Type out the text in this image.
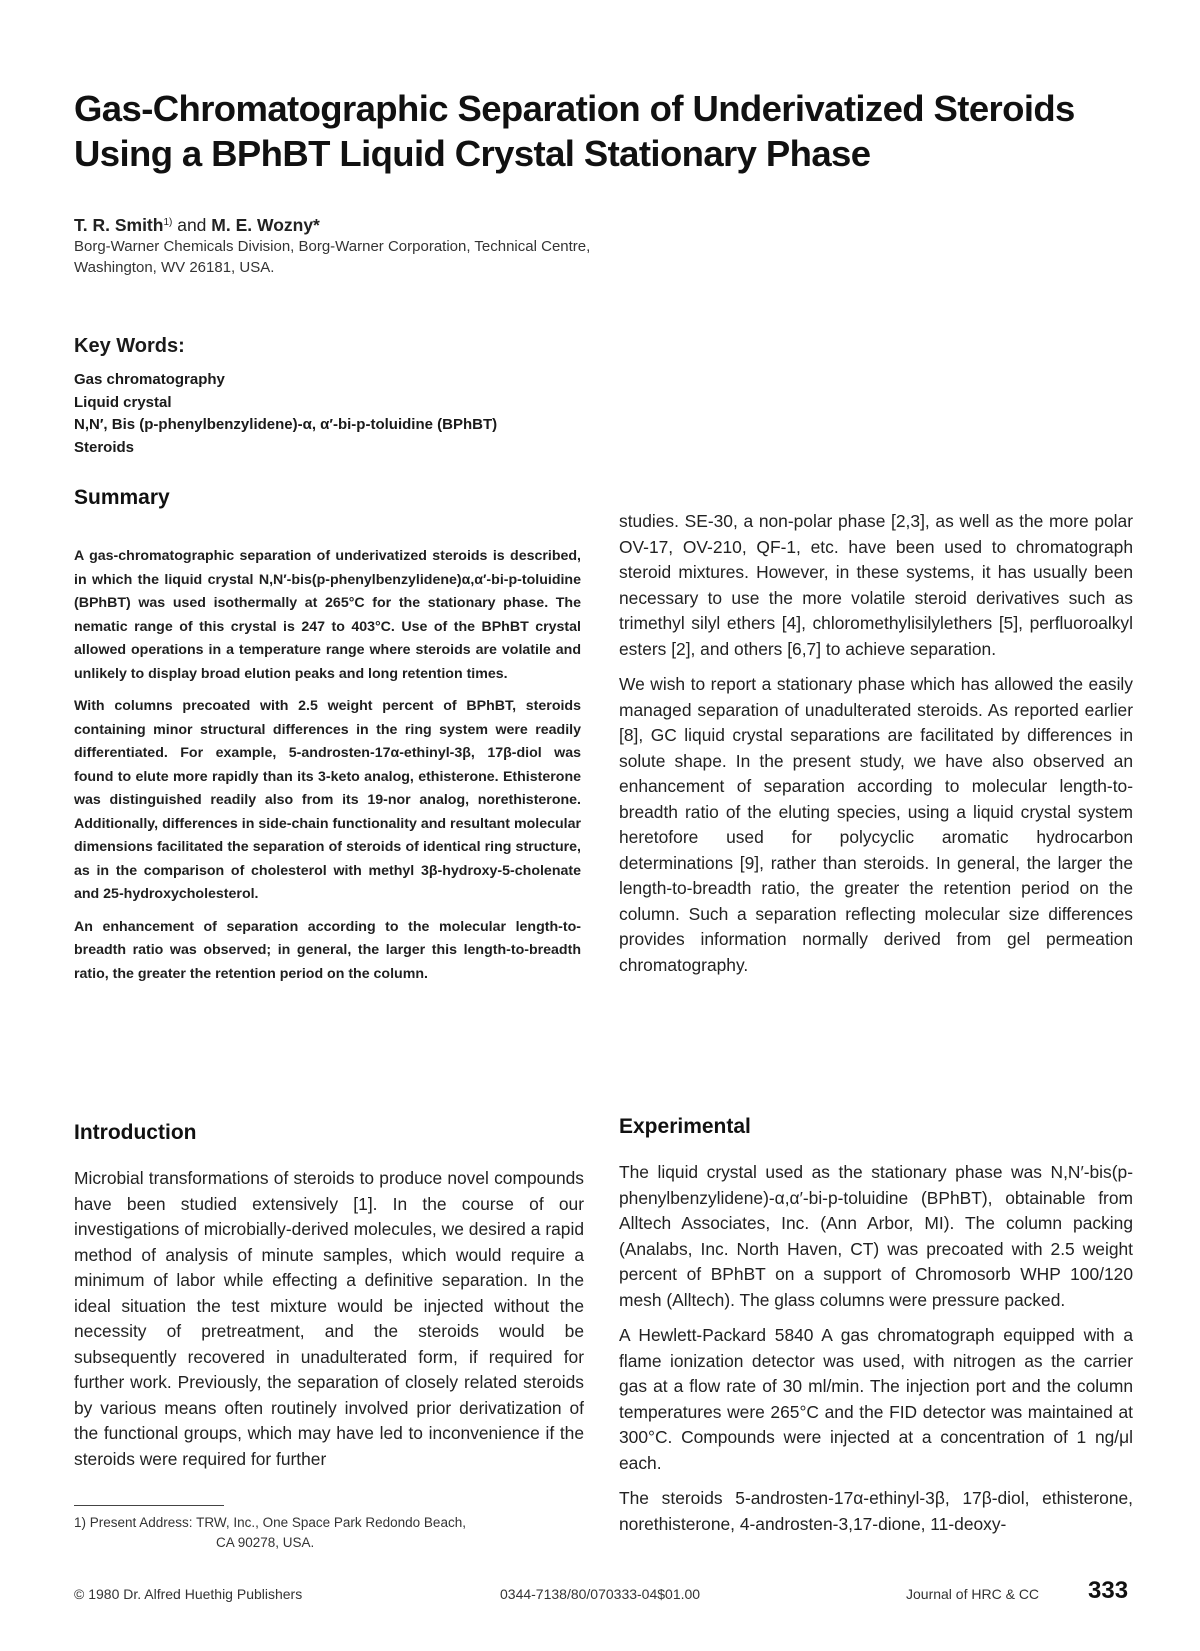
Gas-Chromatographic Separation of Underivatized Steroids
Using a BPhBT Liquid Crystal Stationary Phase
T. R. Smith$^{1)}$ and M. E. Wozny*
Borg-Warner Chemicals Division, Borg-Warner Corporation, Technical Centre,
Washington, WV 26181, USA.
Key Words:
Gas chromatography
Liquid crystal
N,N′, Bis (p-phenylbenzylidene)-α, α′-bi-p-toluidine (BPhBT)
Steroids
Summary

A gas-chromatographic separation of underivatized steroids is described, in which the liquid crystal N,N′-bis(p-phenylbenzylidene)α,α′-bi-p-toluidine (BPhBT) was used isothermally at 265°C for the stationary phase. The nematic range of this crystal is 247 to 403°C. Use of the BPhBT crystal allowed operations in a temperature range where steroids are volatile and unlikely to display broad elution peaks and long retention times.

With columns precoated with 2.5 weight percent of BPhBT, steroids containing minor structural differences in the ring system were readily differentiated. For example, 5-androsten-17α-ethinyl-3β, 17β-diol was found to elute more rapidly than its 3-keto analog, ethisterone. Ethisterone was distinguished readily also from its 19-nor analog, norethisterone. Additionally, differences in side-chain functionality and resultant molecular dimensions facilitated the separation of steroids of identical ring structure, as in the comparison of cholesterol with methyl 3β-hydroxy-5-cholenate and 25-hydroxycholesterol.

An enhancement of separation according to the molecular length-to-breadth ratio was observed; in general, the larger this length-to-breadth ratio, the greater the retention period on the column.

studies. SE-30, a non-polar phase [2,3], as well as the more polar OV-17, OV-210, QF-1, etc. have been used to chromatograph steroid mixtures. However, in these systems, it has usually been necessary to use the more volatile steroid derivatives such as trimethyl silyl ethers [4], chloromethylisilylethers [5], perfluoroalkyl esters [2], and others [6,7] to achieve separation.

We wish to report a stationary phase which has allowed the easily managed separation of unadulterated steroids. As reported earlier [8], GC liquid crystal separations are facilitated by differences in solute shape. In the present study, we have also observed an enhancement of separation according to molecular length-to-breadth ratio of the eluting species, using a liquid crystal system heretofore used for polycyclic aromatic hydrocarbon determinations [9], rather than steroids. In general, the larger the length-to-breadth ratio, the greater the retention period on the column. Such a separation reflecting molecular size differences provides information normally derived from gel permeation chromatography.

Introduction

Microbial transformations of steroids to produce novel compounds have been studied extensively [1]. In the course of our investigations of microbially-derived molecules, we desired a rapid method of analysis of minute samples, which would require a minimum of labor while effecting a definitive separation. In the ideal situation the test mixture would be injected without the necessity of pretreatment, and the steroids would be subsequently recovered in unadulterated form, if required for further work. Previously, the separation of closely related steroids by various means often routinely involved prior derivatization of the functional groups, which may have led to inconvenience if the steroids were required for further

Experimental

The liquid crystal used as the stationary phase was N,N′-bis(p-phenylbenzylidene)-α,α′-bi-p-toluidine (BPhBT), obtainable from Alltech Associates, Inc. (Ann Arbor, MI). The column packing (Analabs, Inc. North Haven, CT) was precoated with 2.5 weight percent of BPhBT on a support of Chromosorb WHP 100/120 mesh (Alltech). The glass columns were pressure packed.

A Hewlett-Packard 5840 A gas chromatograph equipped with a flame ionization detector was used, with nitrogen as the carrier gas at a flow rate of 30 ml/min. The injection port and the column temperatures were 265°C and the FID detector was maintained at 300°C. Compounds were injected at a concentration of 1 ng/μl each.

The steroids 5-androsten-17α-ethinyl-3β, 17β-diol, ethisterone, norethisterone, 4-androsten-3,17-dione, 11-deoxy-

1) Present Address: TRW, Inc., One Space Park Redondo Beach,
CA 90278, USA.
© 1980 Dr. Alfred Huethig Publishers	0344-7138/80/070333-04$01.00	Journal of HRC & CC 333
